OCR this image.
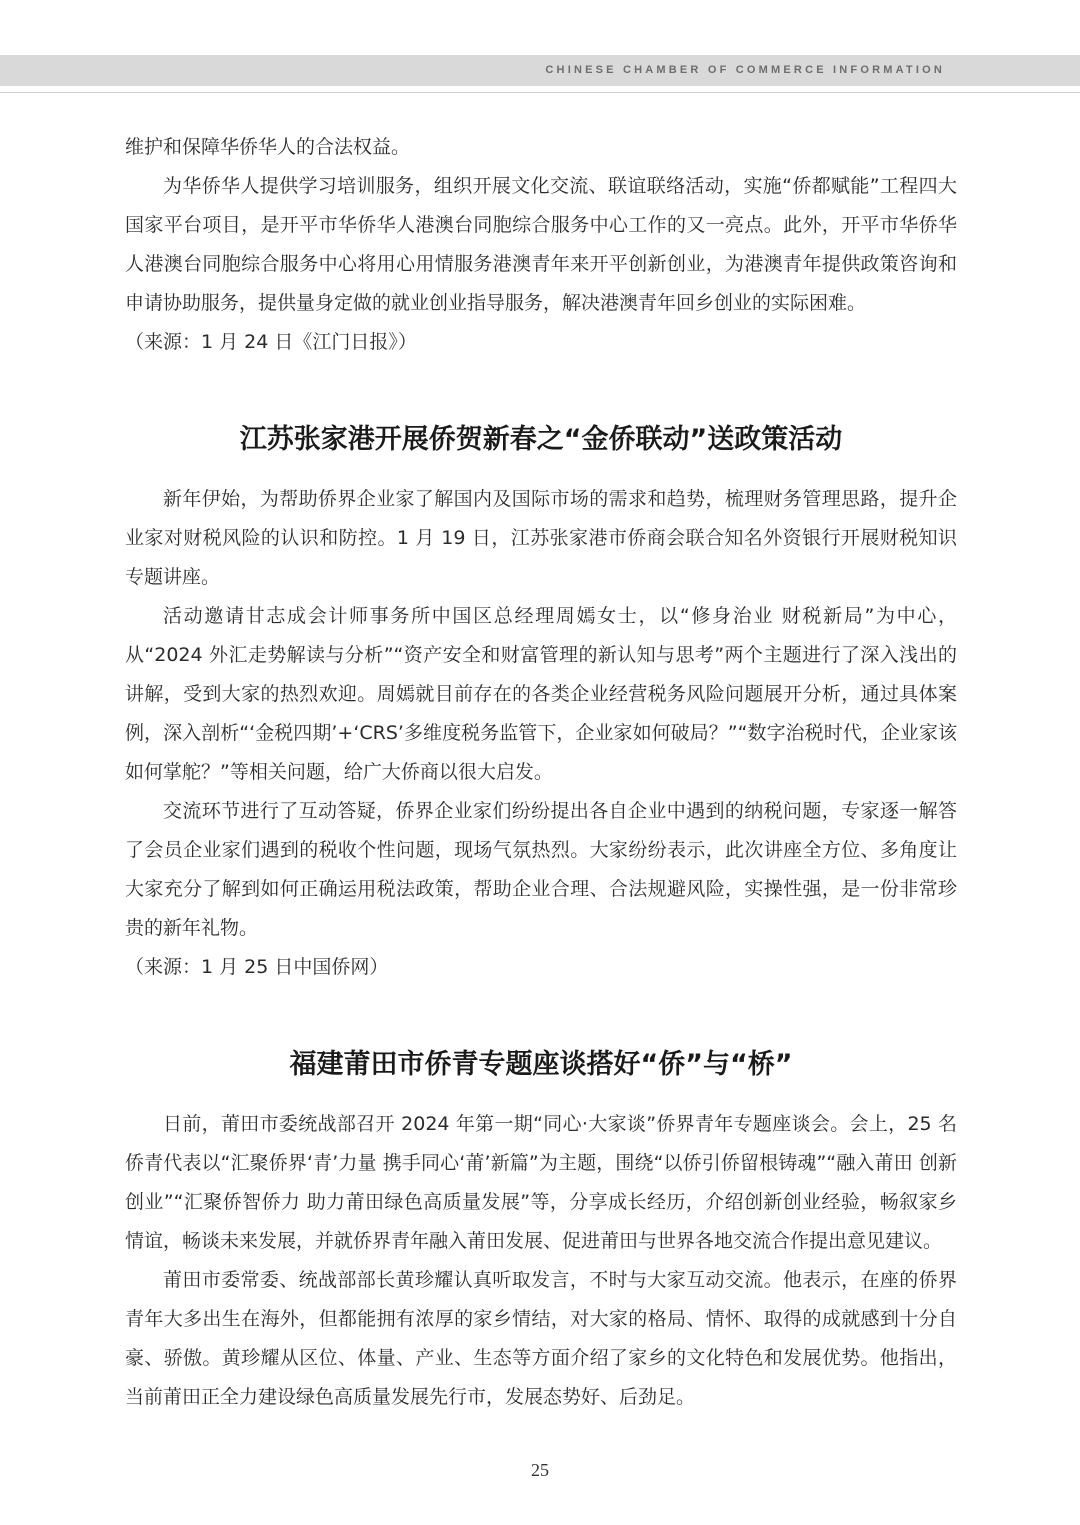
CHINESE CHAMBER OF COMMERCE INFORMATION

维护和保障华侨华人的合法权益。

为华侨华人提供学习培训服务，组织开展文化交流、联谊联络活动，实施“侨都赋能”工程四大国家平台项目，是开平市华侨华人港澳台同胞综合服务中心工作的又一亮点。此外，开平市华侨华人港澳台同胞综合服务中心将用心用情服务港澳青年来开平创新创业，为港澳青年提供政策咨询和申请协助服务，提供量身定做的就业创业指导服务，解决港澳青年回乡创业的实际困难。

（来源：1 月 24 日《江门日报》）

江苏张家港开展侨贺新春之“金侨联动”送政策活动

新年伊始，为帮助侨界企业家了解国内及国际市场的需求和趋势，梳理财务管理思路，提升企业家对财税风险的认识和防控。1 月 19 日，江苏张家港市侨商会联合知名外资银行开展财税知识专题讲座。

活动邀请甘志成会计师事务所中国区总经理周嫣女士，以“修身治业 财税新局”为中心，从“2024 外汇走势解读与分析”“资产安全和财富管理的新认知与思考”两个主题进行了深入浅出的讲解，受到大家的热烈欢迎。周嫣就目前存在的各类企业经营税务风险问题展开分析，通过具体案例，深入剖析“‘金税四期’+‘CRS’多维度税务监管下，企业家如何破局？”“数字治税时代，企业家该如何掌舵？”等相关问题，给广大侨商以很大启发。

交流环节进行了互动答疑，侨界企业家们纷纷提出各自企业中遇到的纳税问题，专家逐一解答了会员企业家们遇到的税收个性问题，现场气氛热烈。大家纷纷表示，此次讲座全方位、多角度让大家充分了解到如何正确运用税法政策，帮助企业合理、合法规避风险，实操性强，是一份非常珍贵的新年礼物。

（来源：1 月 25 日中国侨网）

福建莆田市侨青专题座谈搭好“侨”与“桥”

日前，莆田市委统战部召开 2024 年第一期“同心·大家谈”侨界青年专题座谈会。会上，25 名侨青代表以“汇聚侨界‘青’力量 携手同心‘莆’新篇”为主题，围绕“以侨引侨留根铸魂”“融入莆田 创新创业”“汇聚侨智侨力 助力莆田绿色高质量发展”等，分享成长经历，介绍创新创业经验，畅叙家乡情谊，畅谈未来发展，并就侨界青年融入莆田发展、促进莆田与世界各地交流合作提出意见建议。

莆田市委常委、统战部部长黄珍耀认真听取发言，不时与大家互动交流。他表示，在座的侨界青年大多出生在海外，但都能拥有浓厚的家乡情结，对大家的格局、情怀、取得的成就感到十分自豪、骄傲。黄珍耀从区位、体量、产业、生态等方面介绍了家乡的文化特色和发展优势。他指出，当前莆田正全力建设绿色高质量发展先行市，发展态势好、后劲足。

25
